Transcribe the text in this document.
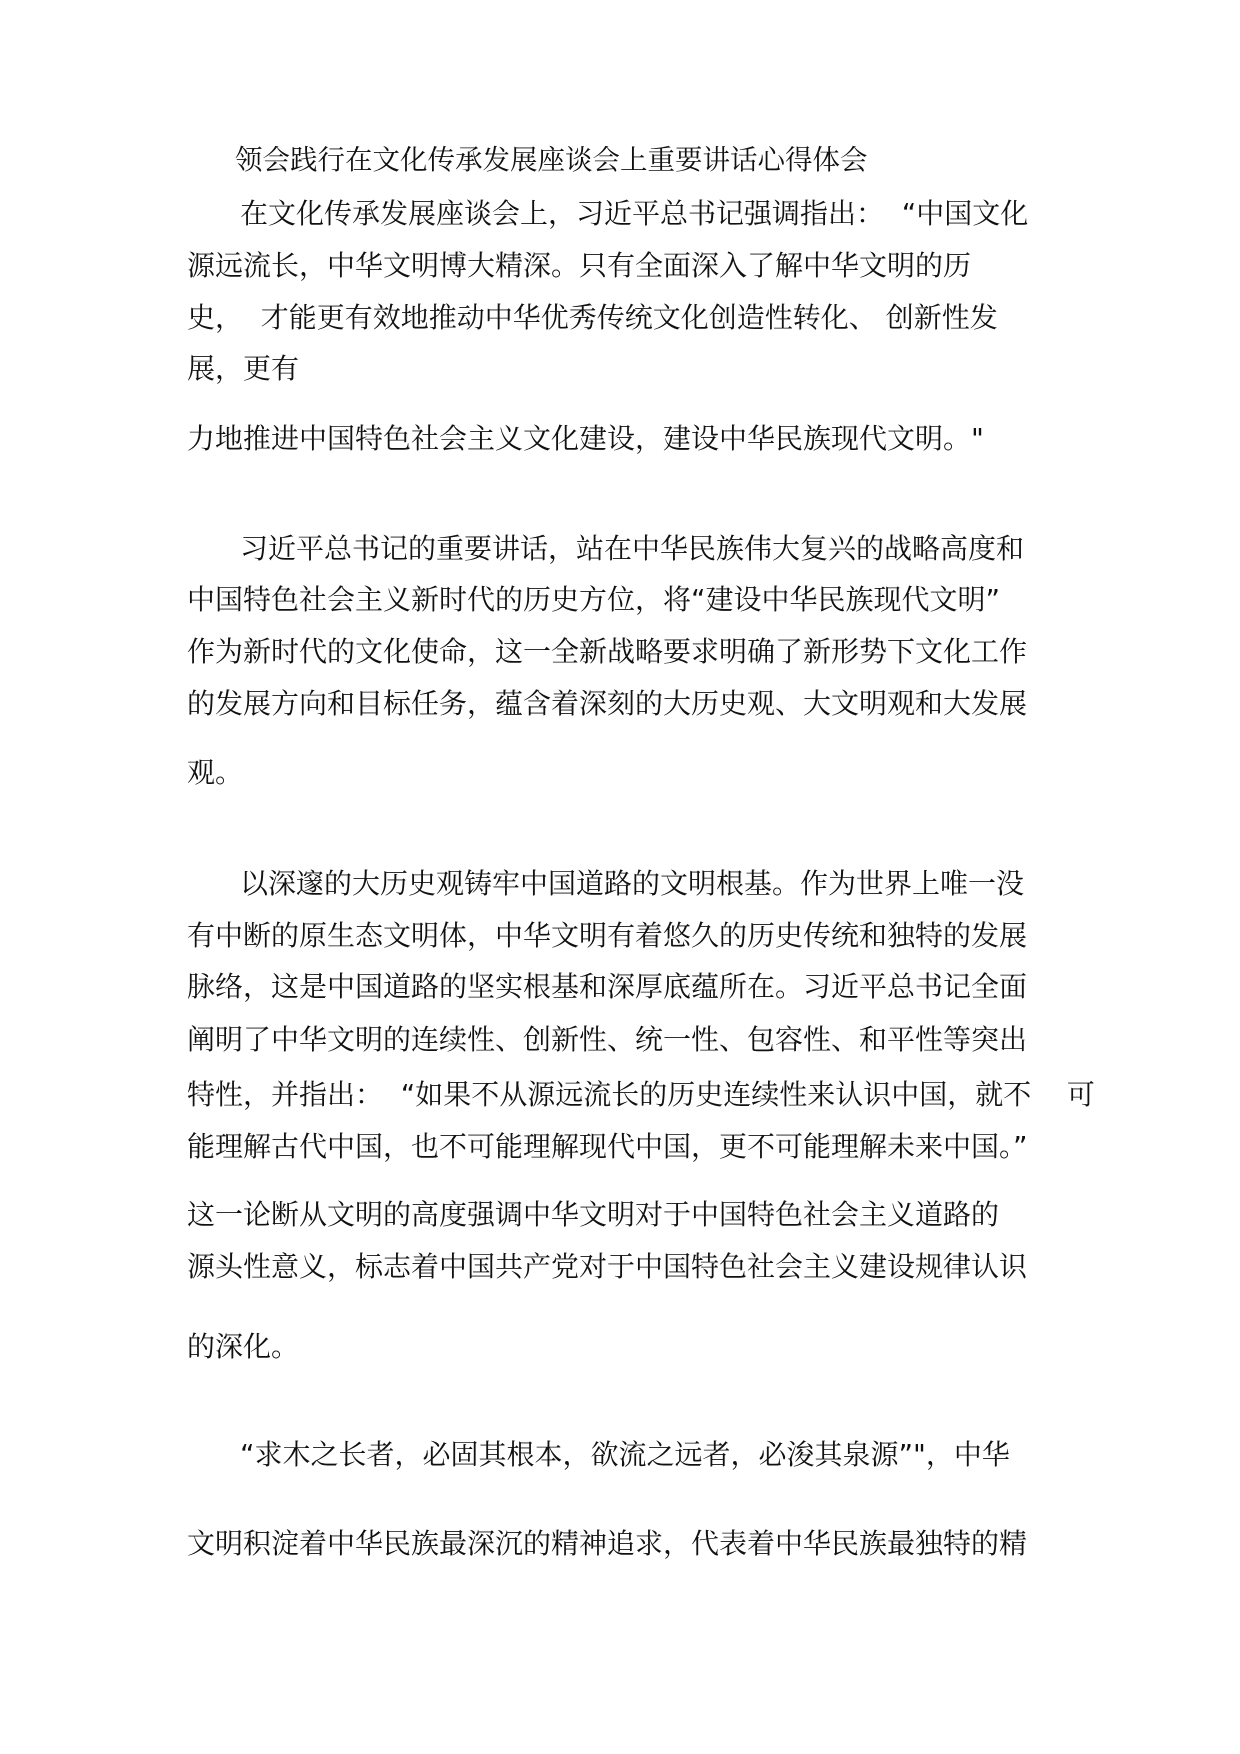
领会践行在文化传承发展座谈会上重要讲话心得体会

在文化传承发展座谈会上，习近平总书记强调指出：  “中国文化

源远流长，中华文明博大精深。只有全面深入了解中华文明的历

史，  才能更有效地推动中华优秀传统文化创造性转化、 创新性发

展，更有

力地推进中国特色社会主义文化建设，建设中华民族现代文明。"

习近平总书记的重要讲话，站在中华民族伟大复兴的战略高度和

中国特色社会主义新时代的历史方位，将“建设中华民族现代文明”

作为新时代的文化使命，这一全新战略要求明确了新形势下文化工作

的发展方向和目标任务，蕴含着深刻的大历史观、大文明观和大发展

观。

以深邃的大历史观铸牢中国道路的文明根基。作为世界上唯一没

有中断的原生态文明体，中华文明有着悠久的历史传统和独特的发展

脉络，这是中国道路的坚实根基和深厚底蕴所在。习近平总书记全面

阐明了中华文明的连续性、创新性、统一性、包容性、和平性等突出

特性，并指出：  “如果不从源远流长的历史连续性来认识中国，就不    可

能理解古代中国，也不可能理解现代中国，更不可能理解未来中国。”

这一论断从文明的高度强调中华文明对于中国特色社会主义道路的

源头性意义，标志着中国共产党对于中国特色社会主义建设规律认识

的深化。

“求木之长者，必固其根本，欲流之远者，必浚其泉源”"，中华

文明积淀着中华民族最深沉的精神追求，代表着中华民族最独特的精
